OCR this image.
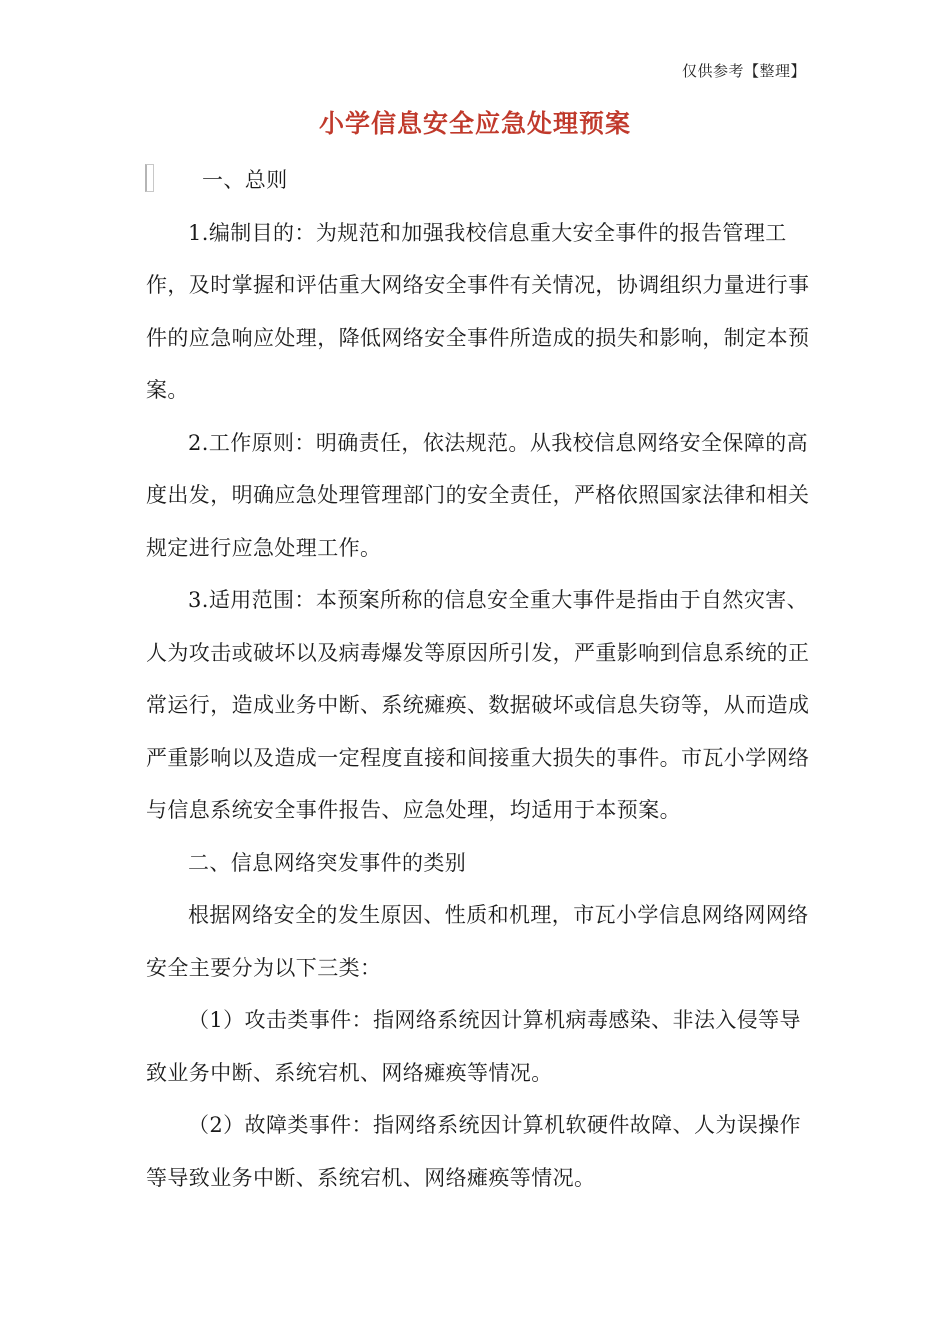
仅供参考【整理】
小学信息安全应急处理预案

一、总则

1.编制目的：为规范和加强我校信息重大安全事件的报告管理工作，及时掌握和评估重大网络安全事件有关情况，协调组织力量进行事件的应急响应处理，降低网络安全事件所造成的损失和影响，制定本预案。

2.工作原则：明确责任，依法规范。从我校信息网络安全保障的高度出发，明确应急处理管理部门的安全责任，严格依照国家法律和相关规定进行应急处理工作。

3.适用范围：本预案所称的信息安全重大事件是指由于自然灾害、人为攻击或破坏以及病毒爆发等原因所引发，严重影响到信息系统的正常运行，造成业务中断、系统瘫痪、数据破坏或信息失窃等，从而造成严重影响以及造成一定程度直接和间接重大损失的事件。市瓦小学网络与信息系统安全事件报告、应急处理，均适用于本预案。

二、信息网络突发事件的类别

根据网络安全的发生原因、性质和机理，市瓦小学信息网络网网络安全主要分为以下三类：

（1）攻击类事件：指网络系统因计算机病毒感染、非法入侵等导致业务中断、系统宕机、网络瘫痪等情况。

（2）故障类事件：指网络系统因计算机软硬件故障、人为误操作等导致业务中断、系统宕机、网络瘫痪等情况。
